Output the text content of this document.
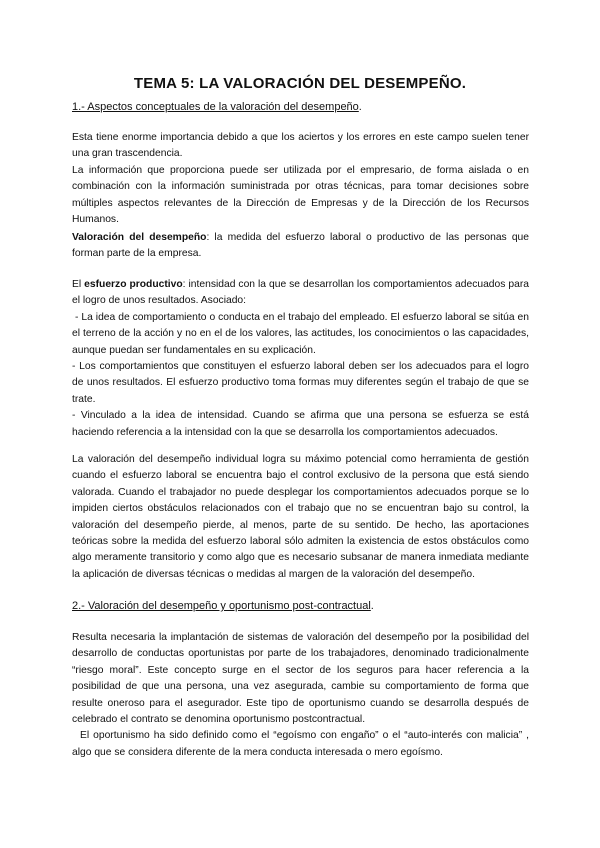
TEMA 5: LA VALORACIÓN DEL DESEMPEÑO.
1.- Aspectos conceptuales de la valoración del desempeño.

Esta tiene enorme importancia debido a que los aciertos y los errores en este campo suelen tener una gran trascendencia.

La información que proporciona puede ser utilizada por el empresario, de forma aislada o en combinación con la información suministrada por otras técnicas, para tomar decisiones sobre múltiples aspectos relevantes de la Dirección de Empresas y de la Dirección de los Recursos Humanos.

Valoración del desempeño: la medida del esfuerzo laboral o productivo de las personas que forman parte de la empresa.

El esfuerzo productivo: intensidad con la que se desarrollan los comportamientos adecuados para el logro de unos resultados. Asociado:

- La idea de comportamiento o conducta en el trabajo del empleado. El esfuerzo laboral se sitúa en el terreno de la acción y no en el de los valores, las actitudes, los conocimientos o las capacidades, aunque puedan ser fundamentales en su explicación.

- Los comportamientos que constituyen el esfuerzo laboral deben ser los adecuados para el logro de unos resultados. El esfuerzo productivo toma formas muy diferentes según el trabajo de que se trate.

- Vinculado a la idea de intensidad. Cuando se afirma que una persona se esfuerza se está haciendo referencia a la intensidad con la que se desarrolla los comportamientos adecuados.

La valoración del desempeño individual logra su máximo potencial como herramienta de gestión cuando el esfuerzo laboral se encuentra bajo el control exclusivo de la persona que está siendo valorada. Cuando el trabajador no puede desplegar los comportamientos adecuados porque se lo impiden ciertos obstáculos relacionados con el trabajo que no se encuentran bajo su control, la valoración del desempeño pierde, al menos, parte de su sentido. De hecho, las aportaciones teóricas sobre la medida del esfuerzo laboral sólo admiten la existencia de estos obstáculos como algo meramente transitorio y como algo que es necesario subsanar de manera inmediata mediante la aplicación de diversas técnicas o medidas al margen de la valoración del desempeño.

2.- Valoración del desempeño y oportunismo post-contractual.

Resulta necesaria la implantación de sistemas de valoración del desempeño por la posibilidad del desarrollo de conductas oportunistas por parte de los trabajadores, denominado tradicionalmente “riesgo moral”. Este concepto surge en el sector de los seguros para hacer referencia a la posibilidad de que una persona, una vez asegurada, cambie su comportamiento de forma que resulte oneroso para el asegurador. Este tipo de oportunismo cuando se desarrolla después de celebrado el contrato se denomina oportunismo postcontractual.

El oportunismo ha sido definido como el “egoísmo con engaño” o el “auto-interés con malicia” , algo que se considera diferente de la mera conducta interesada o mero egoísmo.
